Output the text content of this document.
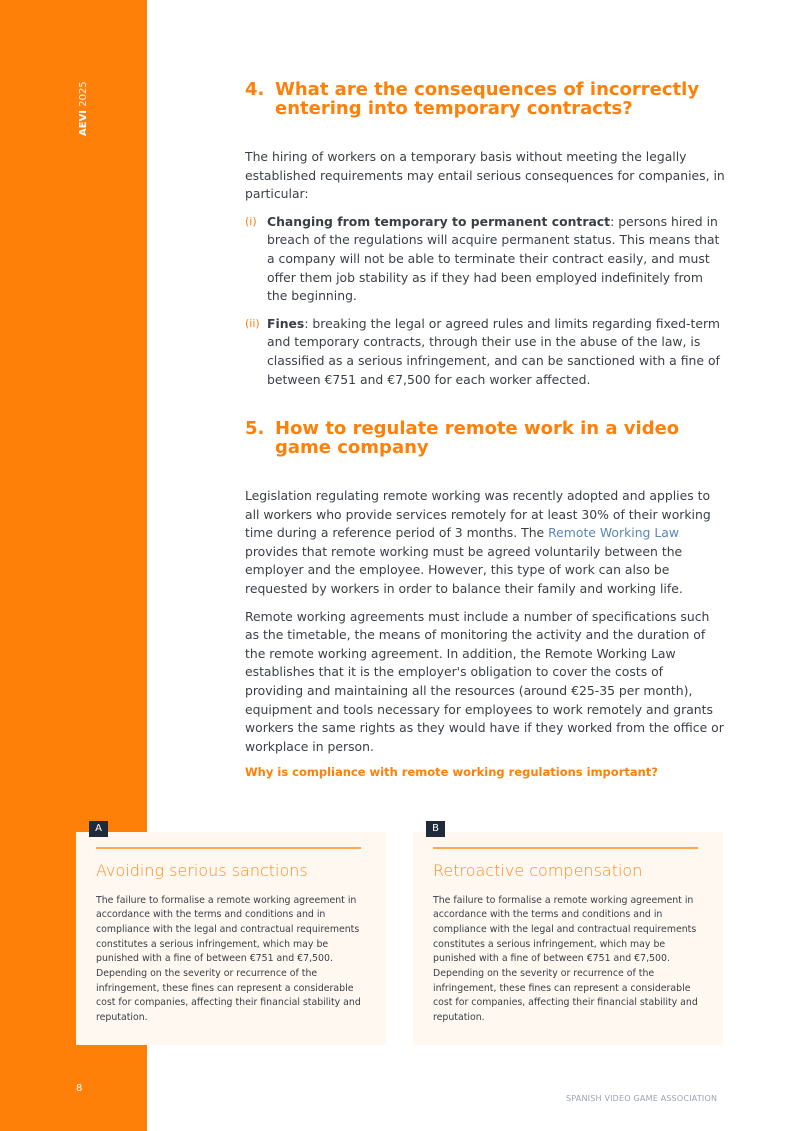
AEVI 2025
8
SPANISH VIDEO GAME ASSOCIATION
4. What are the consequences of incorrectly entering into temporary contracts?

The hiring of workers on a temporary basis without meeting the legally established requirements may entail serious consequences for companies, in particular:

(i) Changing from temporary to permanent contract: persons hired in breach of the regulations will acquire permanent status. This means that a company will not be able to terminate their contract easily, and must offer them job stability as if they had been employed indefinitely from the beginning.
(ii) Fines: breaking the legal or agreed rules and limits regarding fixed-term and temporary contracts, through their use in the abuse of the law, is classified as a serious infringement, and can be sanctioned with a fine of between €751 and €7,500 for each worker affected.
5. How to regulate remote work in a video game company

Legislation regulating remote working was recently adopted and applies to all workers who provide services remotely for at least 30% of their working time during a reference period of 3 months. The Remote Working Law provides that remote working must be agreed voluntarily between the employer and the employee. However, this type of work can also be requested by workers in order to balance their family and working life.

Remote working agreements must include a number of specifications such as the timetable, the means of monitoring the activity and the duration of the remote working agreement. In addition, the Remote Working Law establishes that it is the employer's obligation to cover the costs of providing and maintaining all the resources (around €25-35 per month), equipment and tools necessary for employees to work remotely and grants workers the same rights as they would have if they worked from the office or workplace in person.

Why is compliance with remote working regulations important?
A
Avoiding serious sanctions
The failure to formalise a remote working agreement in accordance with the terms and conditions and in compliance with the legal and contractual requirements constitutes a serious infringement, which may be punished with a fine of between €751 and €7,500. Depending on the severity or recurrence of the infringement, these fines can represent a considerable cost for companies, affecting their financial stability and reputation.
B
Retroactive compensation
The failure to formalise a remote working agreement in accordance with the terms and conditions and in compliance with the legal and contractual requirements constitutes a serious infringement, which may be punished with a fine of between €751 and €7,500. Depending on the severity or recurrence of the infringement, these fines can represent a considerable cost for companies, affecting their financial stability and reputation.
